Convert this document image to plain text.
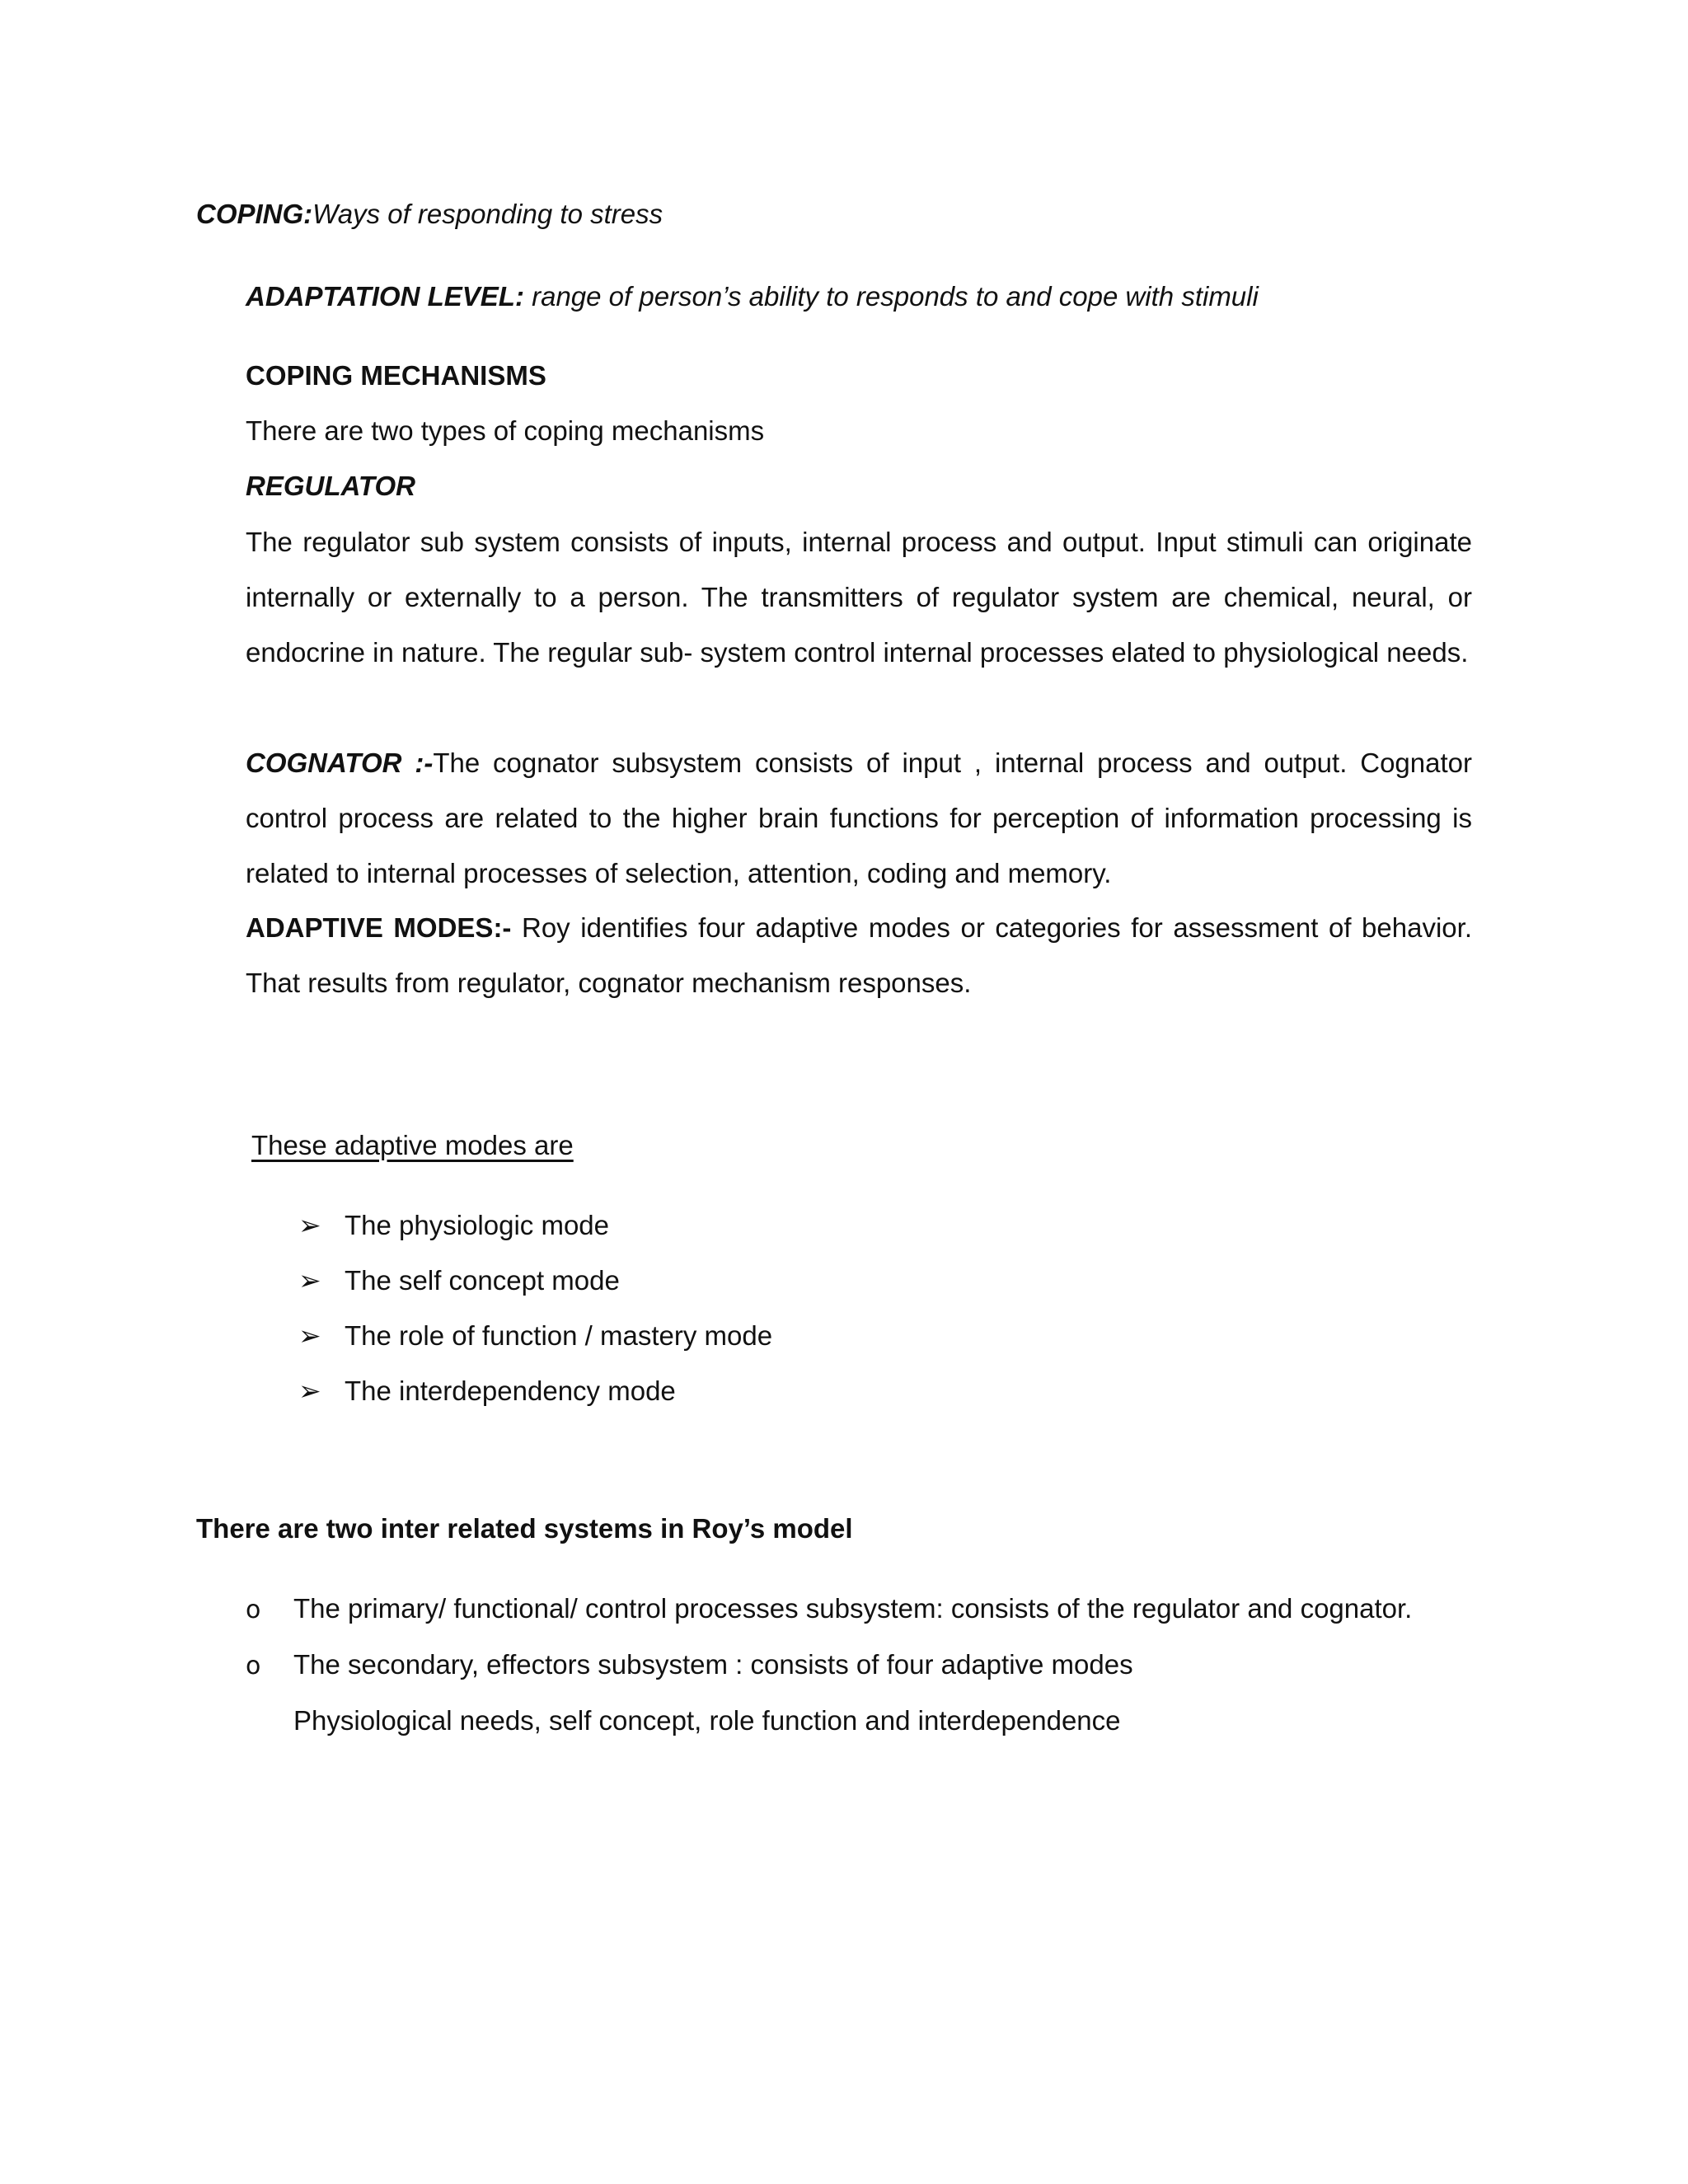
COPING:Ways of responding to stress

ADAPTATION LEVEL: range of person’s ability to responds to and cope with stimuli

COPING MECHANISMS

There are two types of coping mechanisms

REGULATOR

The regulator sub system consists of inputs, internal process and output. Input stimuli can originate internally or externally to a person. The transmitters of regulator system are chemical, neural, or endocrine in nature. The regular sub- system control internal processes elated to physiological needs.

COGNATOR :-The cognator subsystem consists of input , internal process and output. Cognator control process are related to the higher brain functions for perception of information processing is related to internal processes of selection, attention, coding and memory.

ADAPTIVE MODES:- Roy identifies four adaptive modes or categories for assessment of behavior. That results from regulator, cognator mechanism responses.

These adaptive modes are

➢ The physiologic mode
➢ The self concept mode
➢ The role of function / mastery mode
➢ The interdependency mode

There are two inter related systems in Roy’s model

o The primary/ functional/ control processes subsystem: consists of the regulator and cognator.
o The secondary, effectors subsystem : consists of four adaptive modes

Physiological needs, self concept, role function and interdependence
